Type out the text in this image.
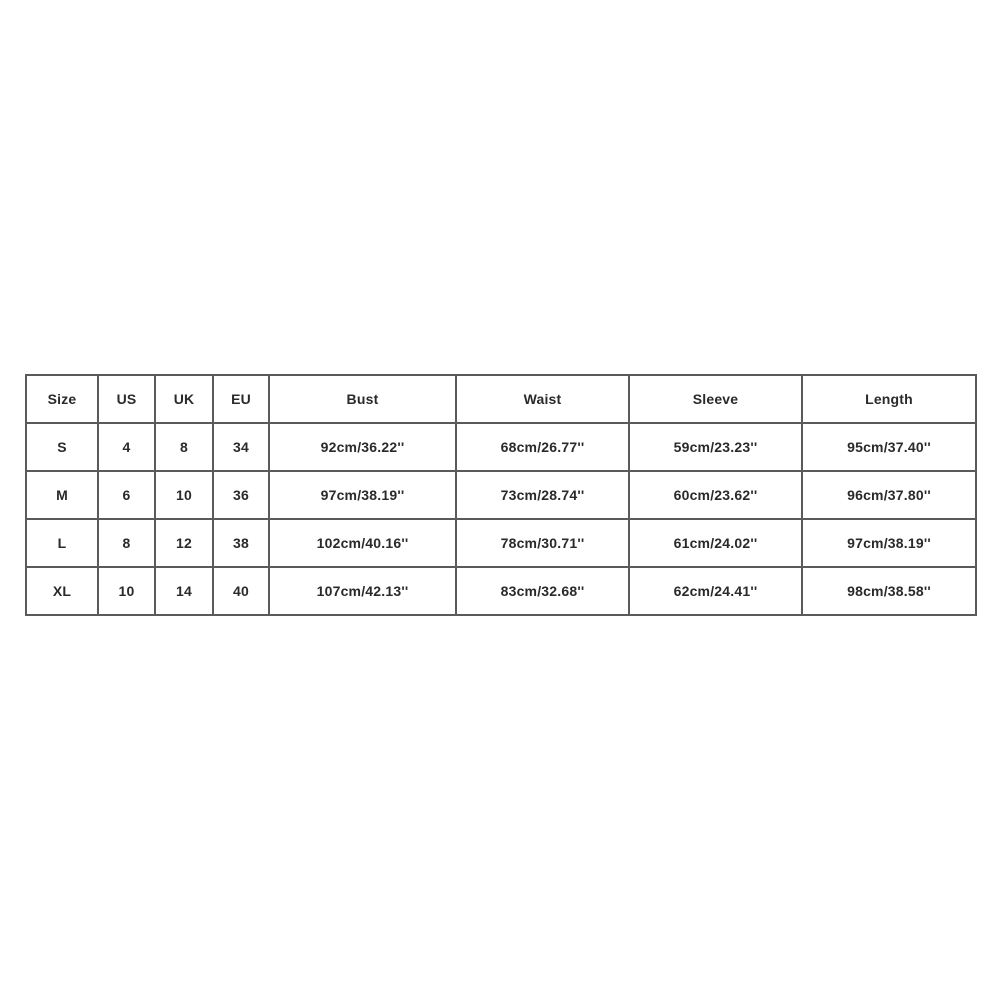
Size	US	UK	EU	Bust	Waist	Sleeve	Length
S	4	8	34	92cm/36.22''	68cm/26.77''	59cm/23.23''	95cm/37.40''
M	6	10	36	97cm/38.19''	73cm/28.74''	60cm/23.62''	96cm/37.80''
L	8	12	38	102cm/40.16''	78cm/30.71''	61cm/24.02''	97cm/38.19''
XL	10	14	40	107cm/42.13''	83cm/32.68''	62cm/24.41''	98cm/38.58''
